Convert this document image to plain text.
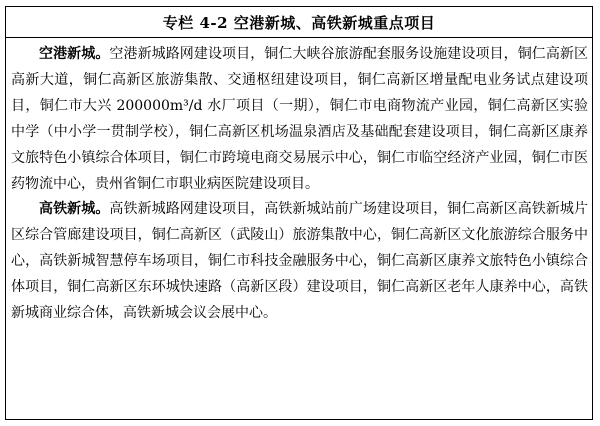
专栏 4-2 空港新城、高铁新城重点项目

空港新城。空港新城路网建设项目，铜仁大峡谷旅游配套服务设施建设项目，铜仁高新区高新大道，铜仁高新区旅游集散、交通枢纽建设项目，铜仁高新区增量配电业务试点建设项目，铜仁市大兴 200000m³/d 水厂项目（一期），铜仁市电商物流产业园，铜仁高新区实验中学（中小学一贯制学校），铜仁高新区机场温泉酒店及基础配套建设项目，铜仁高新区康养文旅特色小镇综合体项目，铜仁市跨境电商交易展示中心，铜仁市临空经济产业园，铜仁市医药物流中心，贵州省铜仁市职业病医院建设项目。

高铁新城。高铁新城路网建设项目，高铁新城站前广场建设项目，铜仁高新区高铁新城片区综合管廊建设项目，铜仁高新区（武陵山）旅游集散中心，铜仁高新区文化旅游综合服务中心，高铁新城智慧停车场项目，铜仁市科技金融服务中心，铜仁高新区康养文旅特色小镇综合体项目，铜仁高新区东环城快速路（高新区段）建设项目，铜仁高新区老年人康养中心，高铁新城商业综合体，高铁新城会议会展中心。
